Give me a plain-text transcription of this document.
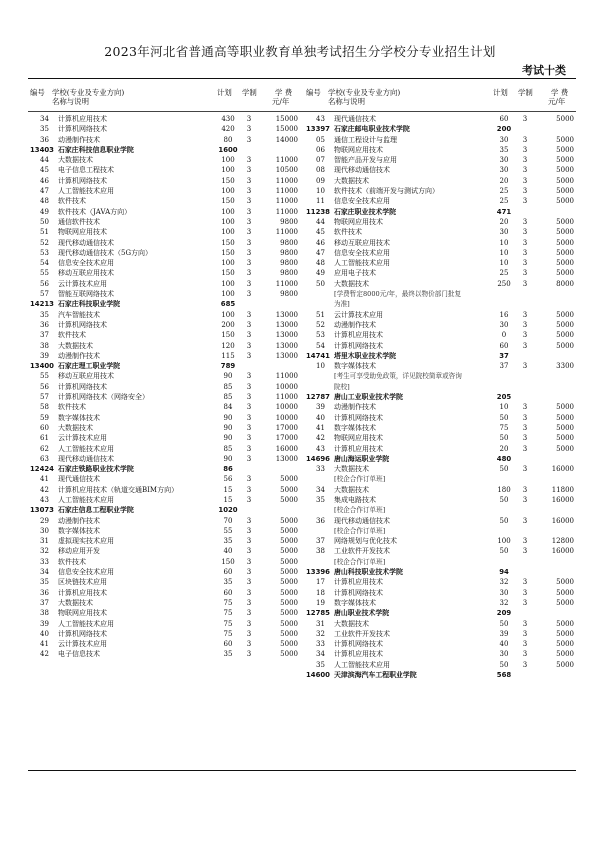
2023年河北省普通高等职业教育单独考试招生分学校分专业招生计划
考试十类
编号 学校(专业及专业方向)
名称与说明
计划 学制 学 费
元/年
34 计算机应用技术	430	3	15000
35 计算机网络技术	420	3	15000
36 动漫制作技术	80	3	14000
13403 石家庄科技信息职业学院	1600
44 大数据技术	100	3	11000
45 电子信息工程技术	100	3	10500
46 计算机网络技术	150	3	11000
47 人工智能技术应用	100	3	11000
48 软件技术	150	3	11000
49 软件技术（JAVA方向）	100	3	11000
50 通信软件技术	100	3	9800
51 物联网应用技术	100	3	11000
52 现代移动通信技术	150	3	9800
53 现代移动通信技术（5G方向）	150	3	9800
54 信息安全技术应用	100	3	9800
55 移动互联应用技术	150	3	9800
56 云计算技术应用	100	3	11000
57 智能互联网络技术	100	3	9800
14213 石家庄科技职业学院	685
35 汽车智能技术	100	3	13000
36 计算机网络技术	200	3	13000
37 软件技术	150	3	13000
38 大数据技术	120	3	13000
39 动漫制作技术	115	3	13000
13400 石家庄理工职业学院	789
55 移动互联应用技术	90	3	11000
56 计算机网络技术	85	3	10000
57 计算机网络技术（网络安全）	85	3	11000
58 软件技术	84	3	10000
59 数字媒体技术	90	3	10000
60 大数据技术	90	3	17000
61 云计算技术应用	90	3	17000
62 人工智能技术应用	85	3	16000
63 现代移动通信技术	90	3	13000
12424 石家庄铁路职业技术学院	86
41 现代通信技术	56	3	5000
42 计算机应用技术（轨道交通BIM方向）	15	3	5000
43 人工智能技术应用	15	3	5000
13073 石家庄信息工程职业学院	1020
29 动漫制作技术	70	3	5000
30 数字媒体技术	55	3	5000
31 虚拟现实技术应用	35	3	5000
32 移动应用开发	40	3	5000
33 软件技术	150	3	5000
34 信息安全技术应用	60	3	5000
35 区块链技术应用	35	3	5000
36 计算机应用技术	60	3	5000
37 大数据技术	75	3	5000
38 物联网应用技术	75	3	5000
39 人工智能技术应用	75	3	5000
40 计算机网络技术	75	3	5000
41 云计算技术应用	60	3	5000
42 电子信息技术	35	3	5000
编号 学校(专业及专业方向)
名称与说明
计划 学制 学 费
元/年
43 现代通信技术	60	3	5000
13397 石家庄邮电职业技术学院	200
05 通信工程设计与监理	30	3	5000
06 物联网应用技术	35	3	5000
07 智能产品开发与应用	30	3	5000
08 现代移动通信技术	30	3	5000
09 大数据技术	20	3	5000
10 软件技术（前端开发与测试方向）	25	3	5000
11 信息安全技术应用	25	3	5000
11238 石家庄职业技术学院	471
44 物联网应用技术	20	3	5000
45 软件技术	30	3	5000
46 移动互联应用技术	10	3	5000
47 信息安全技术应用	10	3	5000
48 人工智能技术应用	10	3	5000
49 应用电子技术	25	3	5000
50 大数据技术	250	3	8000
[学费暂定8000元/年，最终以物价部门批复
为准]
51 云计算技术应用	16	3	5000
52 动漫制作技术	30	3	5000
53 计算机应用技术	0	3	5000
54 计算机网络技术	60	3	5000
14741 塔里木职业技术学院	37
10 数字媒体技术	37	3	3300
[考生可享受助免政策，详见院校简章或咨询
院校]
12787 唐山工业职业技术学院	205
39 动漫制作技术	10	3	5000
40 计算机网络技术	50	3	5000
41 数字媒体技术	75	3	5000
42 物联网应用技术	50	3	5000
43 计算机应用技术	20	3	5000
14696 唐山海运职业学院	480
33 大数据技术	50	3	16000
[校企合作订单班]
34 大数据技术	180	3	11800
35 集成电路技术	50	3	16000
[校企合作订单班]
36 现代移动通信技术	50	3	16000
[校企合作订单班]
37 网络规划与优化技术	100	3	12800
38 工业软件开发技术	50	3	16000
[校企合作订单班]
13396 唐山科技职业技术学院	94
17 计算机应用技术	32	3	5000
18 计算机网络技术	30	3	5000
19 数字媒体技术	32	3	5000
12785 唐山职业技术学院	209
31 大数据技术	50	3	5000
32 工业软件开发技术	39	3	5000
33 计算机网络技术	40	3	5000
34 计算机应用技术	30	3	5000
35 人工智能技术应用	50	3	5000
14600 天津滨海汽车工程职业学院	568
